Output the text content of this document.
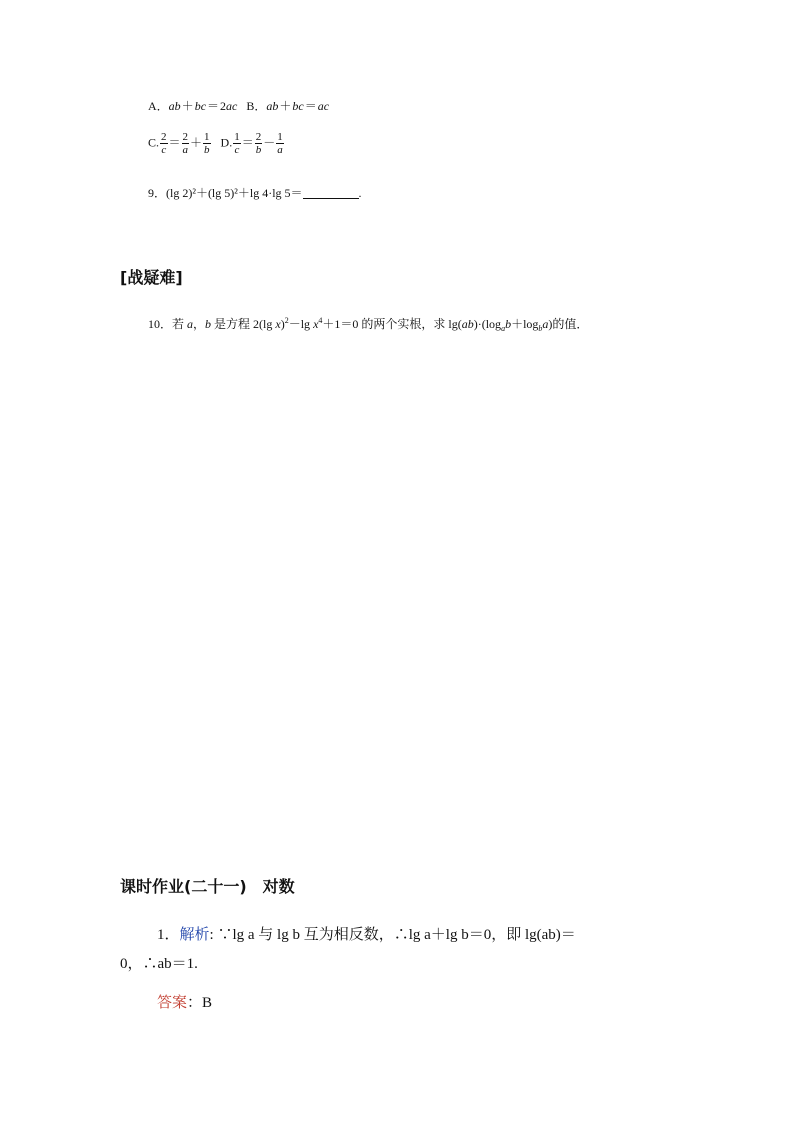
A．ab＋bc＝2ac B．ab＋bc＝ac
C. $\frac{2}{c} = \frac{2}{a} + \frac{1}{b} D$. $\frac{1}{c} = \frac{2}{b} - \frac{1}{a}$
9．(lg 2)²＋(lg 5)²＋lg 4·lg 5＝	.
[战疑难]
10．若 a，b 是方程 2(lg x)$^2$－lg $x^4+1=0$ 的两个实根，求 $\lg(ab)\cdot(\log_ab+\log_ba)$的值．
课时作业(二十一)　对数
1．解析: ∵lg a 与 lg b 互为相反数，∴lg a＋lg b＝0，即 lg(ab)＝
0，∴ab＝1.
答案：B
